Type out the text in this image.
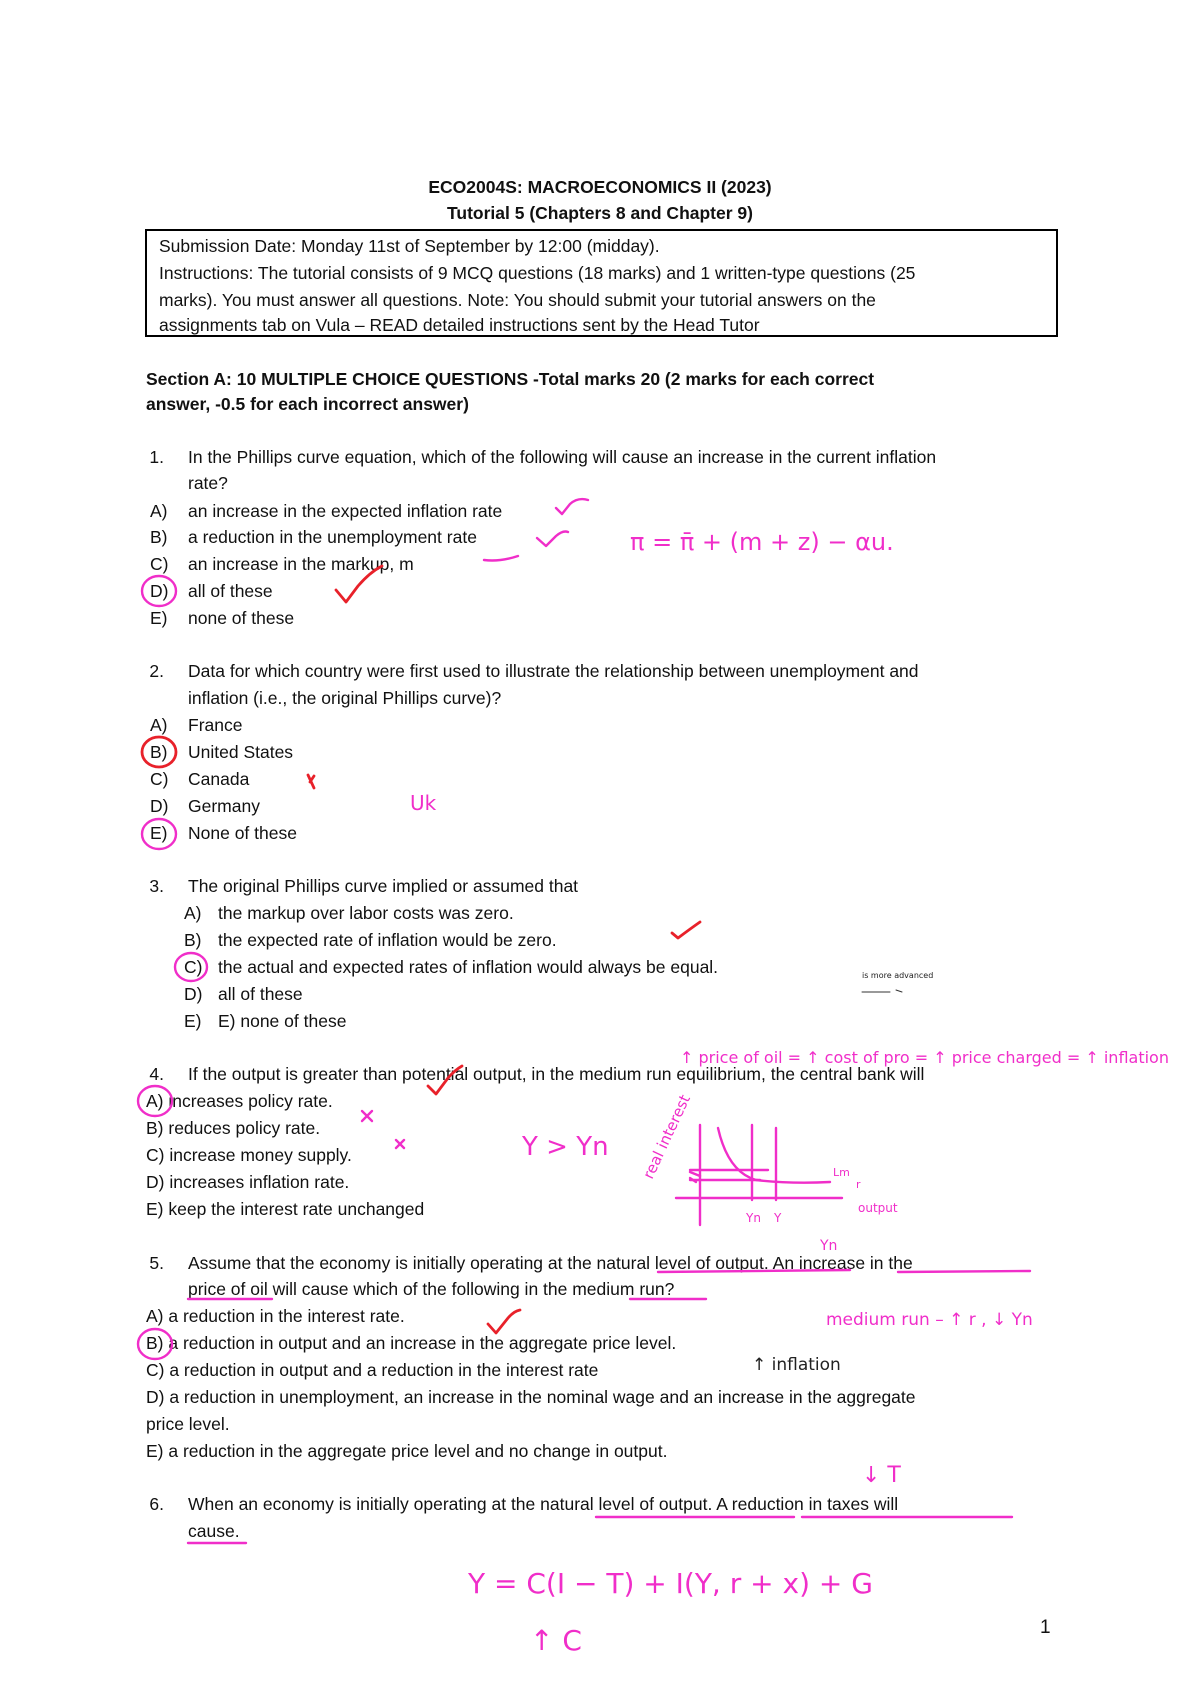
ECO2004S: MACROECONOMICS II (2023)
Tutorial 5 (Chapters 8 and Chapter 9)
Submission Date: Monday 11st of September by 12:00 (midday).
Instructions: The tutorial consists of 9 MCQ questions (18 marks) and 1 written-type questions (25
marks). You must answer all questions. Note: You should submit your tutorial answers on the
assignments tab on Vula – READ detailed instructions sent by the Head Tutor
Section A: 10 MULTIPLE CHOICE QUESTIONS -Total marks 20 (2 marks for each correct
answer, -0.5 for each incorrect answer)
1. In the Phillips curve equation, which of the following will cause an increase in the current inflation
rate?
A) an increase in the expected inflation rate
B) a reduction in the unemployment rate
C) an increase in the markup, m
D) all of these
E) none of these
2. Data for which country were first used to illustrate the relationship between unemployment and
inflation (i.e., the original Phillips curve)?
A) France
B) United States
C) Canada
D) Germany
E) None of these
3. The original Phillips curve implied or assumed that
A) the markup over labor costs was zero.
B) the expected rate of inflation would be zero.
C) the actual and expected rates of inflation would always be equal.
D) all of these
E) E) none of these
4. If the output is greater than potential output, in the medium run equilibrium, the central bank will
A) increases policy rate.
B) reduces policy rate.
C) increase money supply.
D) increases inflation rate.
E) keep the interest rate unchanged
5. Assume that the economy is initially operating at the natural level of output. An increase in the
price of oil will cause which of the following in the medium run?
A) a reduction in the interest rate.
B) a reduction in output and an increase in the aggregate price level.
C) a reduction in output and a reduction in the interest rate
D) a reduction in unemployment, an increase in the nominal wage and an increase in the aggregate
price level.
E) a reduction in the aggregate price level and no change in output.
6. When an economy is initially operating at the natural level of output. A reduction in taxes will
cause.
1
π = π̄ + (m + z) − αu.
Uk
is more advanced
↑ price of oil = ↑ cost of pro = ↑ price charged = ↑ inflation
Y > Yn real interest	Lm
r
output
Yn Y
Yn
medium run – ↑ r , ↓ Yn
↑ inflation
↓ T
Y = C(I − T) + I(Y, r + x) + G
↑ C
